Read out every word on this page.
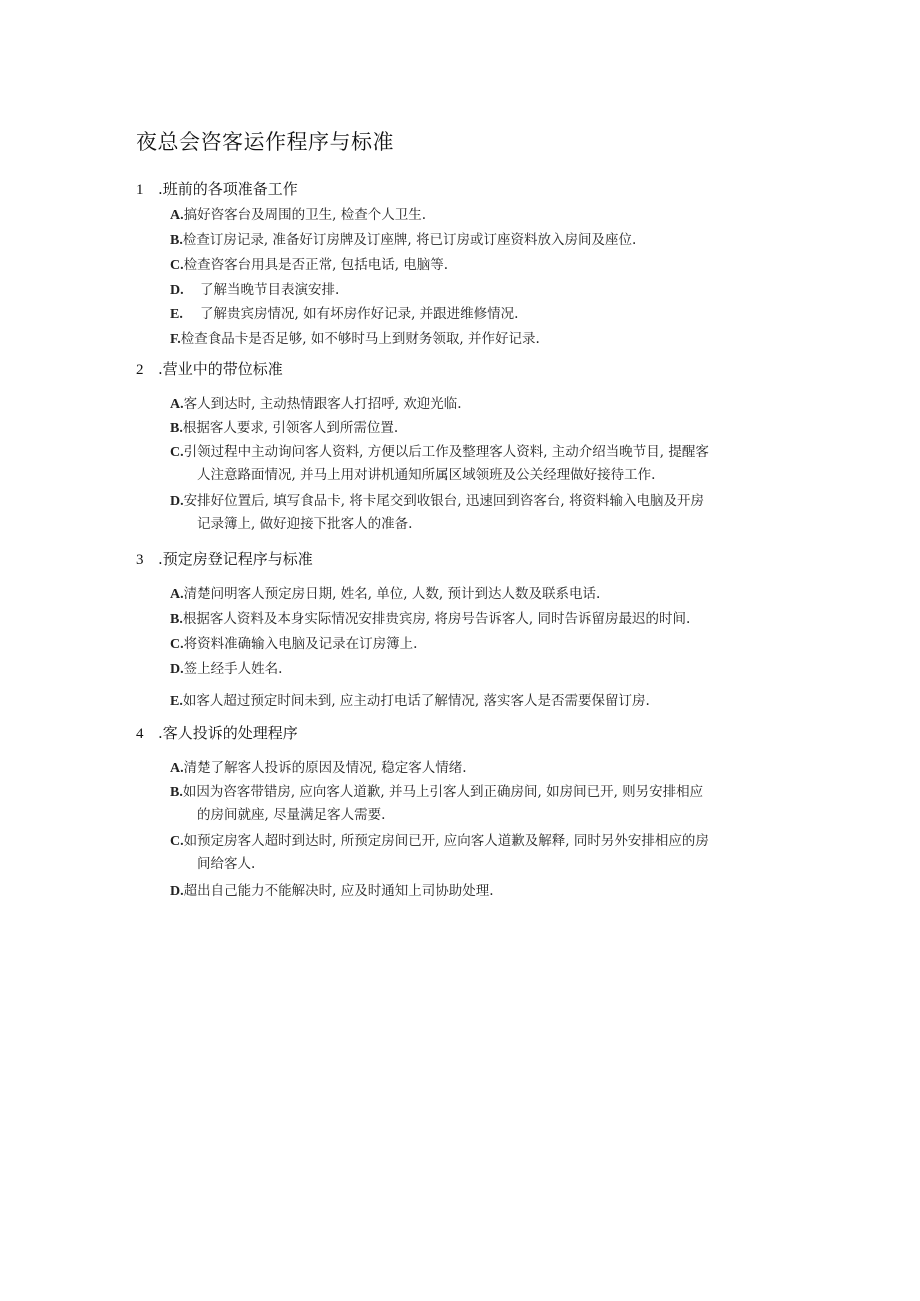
夜总会咨客运作程序与标准
1 .班前的各项准备工作
A.搞好咨客台及周围的卫生, 检查个人卫生.
B.检查订房记录, 准备好订房牌及订座牌, 将已订房或订座资料放入房间及座位.
C.检查咨客台用具是否正常, 包括电话, 电脑等.
D. 了解当晚节目表演安排.
E. 了解贵宾房情况, 如有坏房作好记录, 并跟进维修情况.
F.检查食品卡是否足够, 如不够时马上到财务领取, 并作好记录.
2 .营业中的带位标准
A.客人到达时, 主动热情跟客人打招呼, 欢迎光临.
B.根据客人要求, 引领客人到所需位置.
C.引领过程中主动询问客人资料, 方便以后工作及整理客人资料, 主动介绍当晚节目, 提醒客
人注意路面情况, 并马上用对讲机通知所属区域领班及公关经理做好接待工作.
D.安排好位置后, 填写食品卡, 将卡尾交到收银台, 迅速回到咨客台, 将资料输入电脑及开房
记录簿上, 做好迎接下批客人的准备.
3 .预定房登记程序与标准
A.清楚问明客人预定房日期, 姓名, 单位, 人数, 预计到达人数及联系电话.
B.根据客人资料及本身实际情况安排贵宾房, 将房号告诉客人, 同时告诉留房最迟的时间.
C.将资料准确输入电脑及记录在订房簿上.
D.签上经手人姓名.
E.如客人超过预定时间未到, 应主动打电话了解情况, 落实客人是否需要保留订房.
4 .客人投诉的处理程序
A.清楚了解客人投诉的原因及情况, 稳定客人情绪.
B.如因为咨客带错房, 应向客人道歉, 并马上引客人到正确房间, 如房间已开, 则另安排相应
的房间就座, 尽量满足客人需要.
C.如预定房客人超时到达时, 所预定房间已开, 应向客人道歉及解释, 同时另外安排相应的房
间给客人.
D.超出自己能力不能解决时, 应及时通知上司协助处理.
